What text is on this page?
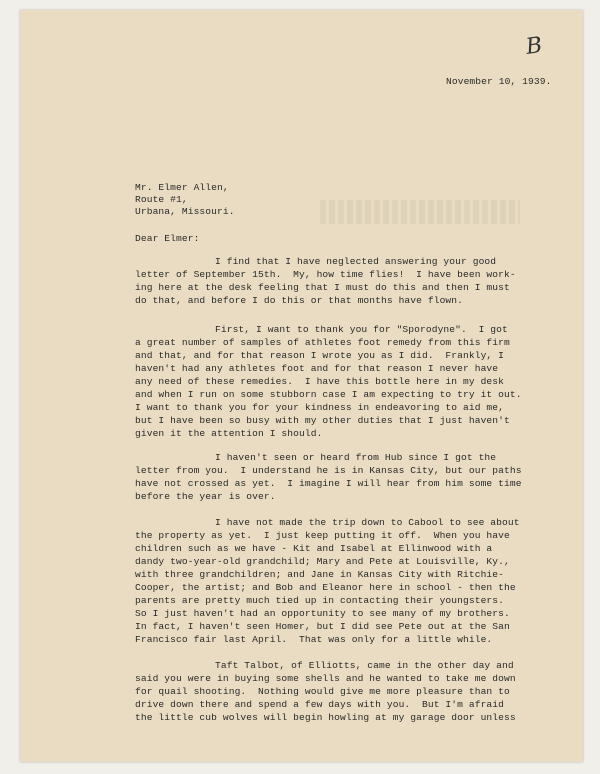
B
November 10, 1939.
Mr. Elmer Allen,
Route #1,
Urbana, Missouri.
Dear Elmer:
I find that I have neglected answering your good
letter of September 15th.  My, how time flies!  I have been work-
ing here at the desk feeling that I must do this and then I must
do that, and before I do this or that months have flown.
First, I want to thank you for "Sporodyne".  I got
a great number of samples of athletes foot remedy from this firm
and that, and for that reason I wrote you as I did.  Frankly, I
haven't had any athletes foot and for that reason I never have
any need of these remedies.  I have this bottle here in my desk
and when I run on some stubborn case I am expecting to try it out.
I want to thank you for your kindness in endeavoring to aid me,
but I have been so busy with my other duties that I just haven't
given it the attention I should.
I haven't seen or heard from Hub since I got the
letter from you.  I understand he is in Kansas City, but our paths
have not crossed as yet.  I imagine I will hear from him some time
before the year is over.
I have not made the trip down to Cabool to see about
the property as yet.  I just keep putting it off.  When you have
children such as we have - Kit and Isabel at Ellinwood with a
dandy two-year-old grandchild; Mary and Pete at Louisville, Ky.,
with three grandchildren; and Jane in Kansas City with Ritchie-
Cooper, the artist; and Bob and Eleanor here in school - then the
parents are pretty much tied up in contacting their youngsters.
So I just haven't had an opportunity to see many of my brothers.
In fact, I haven't seen Homer, but I did see Pete out at the San
Francisco fair last April.  That was only for a little while.
Taft Talbot, of Elliotts, came in the other day and
said you were in buying some shells and he wanted to take me down
for quail shooting.  Nothing would give me more pleasure than to
drive down there and spend a few days with you.  But I'm afraid
the little cub wolves will begin howling at my garage door unless
